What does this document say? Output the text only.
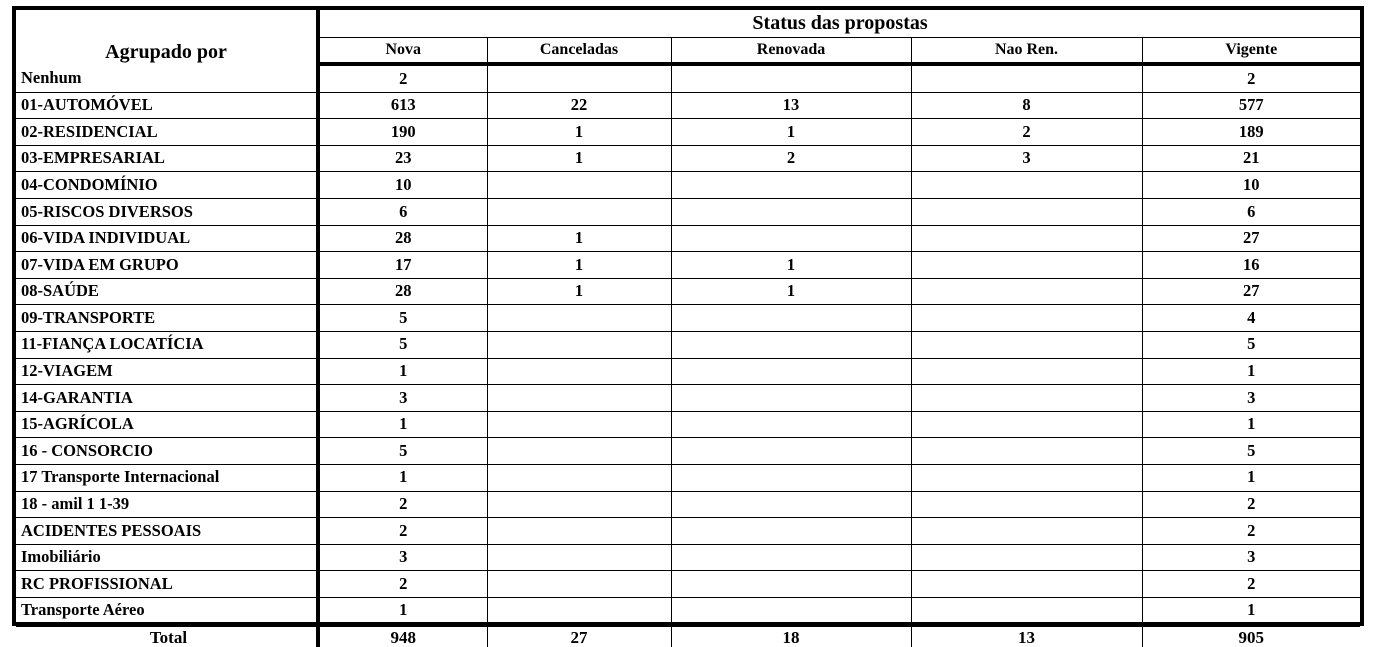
Agrupado por	Status das propostas				
	Nova	Canceladas	Renovada	Nao Ren.	Vigente
Nenhum	2				2
01-AUTOMÓVEL	613	22	13	8	577
02-RESIDENCIAL	190	1	1	2	189
03-EMPRESARIAL	23	1	2	3	21
04-CONDOMÍNIO	10				10
05-RISCOS DIVERSOS	6				6
06-VIDA INDIVIDUAL	28	1			27
07-VIDA EM GRUPO	17	1	1		16
08-SAÚDE	28	1	1		27
09-TRANSPORTE	5				4
11-FIANÇA LOCATÍCIA	5				5
12-VIAGEM	1				1
14-GARANTIA	3				3
15-AGRÍCOLA	1				1
16 - CONSORCIO	5				5
17 Transporte Internacional	1				1
18 - amil 1 1-39	2				2
ACIDENTES PESSOAIS	2				2
Imobiliário	3				3
RC PROFISSIONAL	2				2
Transporte Aéreo	1				1
Total	948	27	18	13	905
